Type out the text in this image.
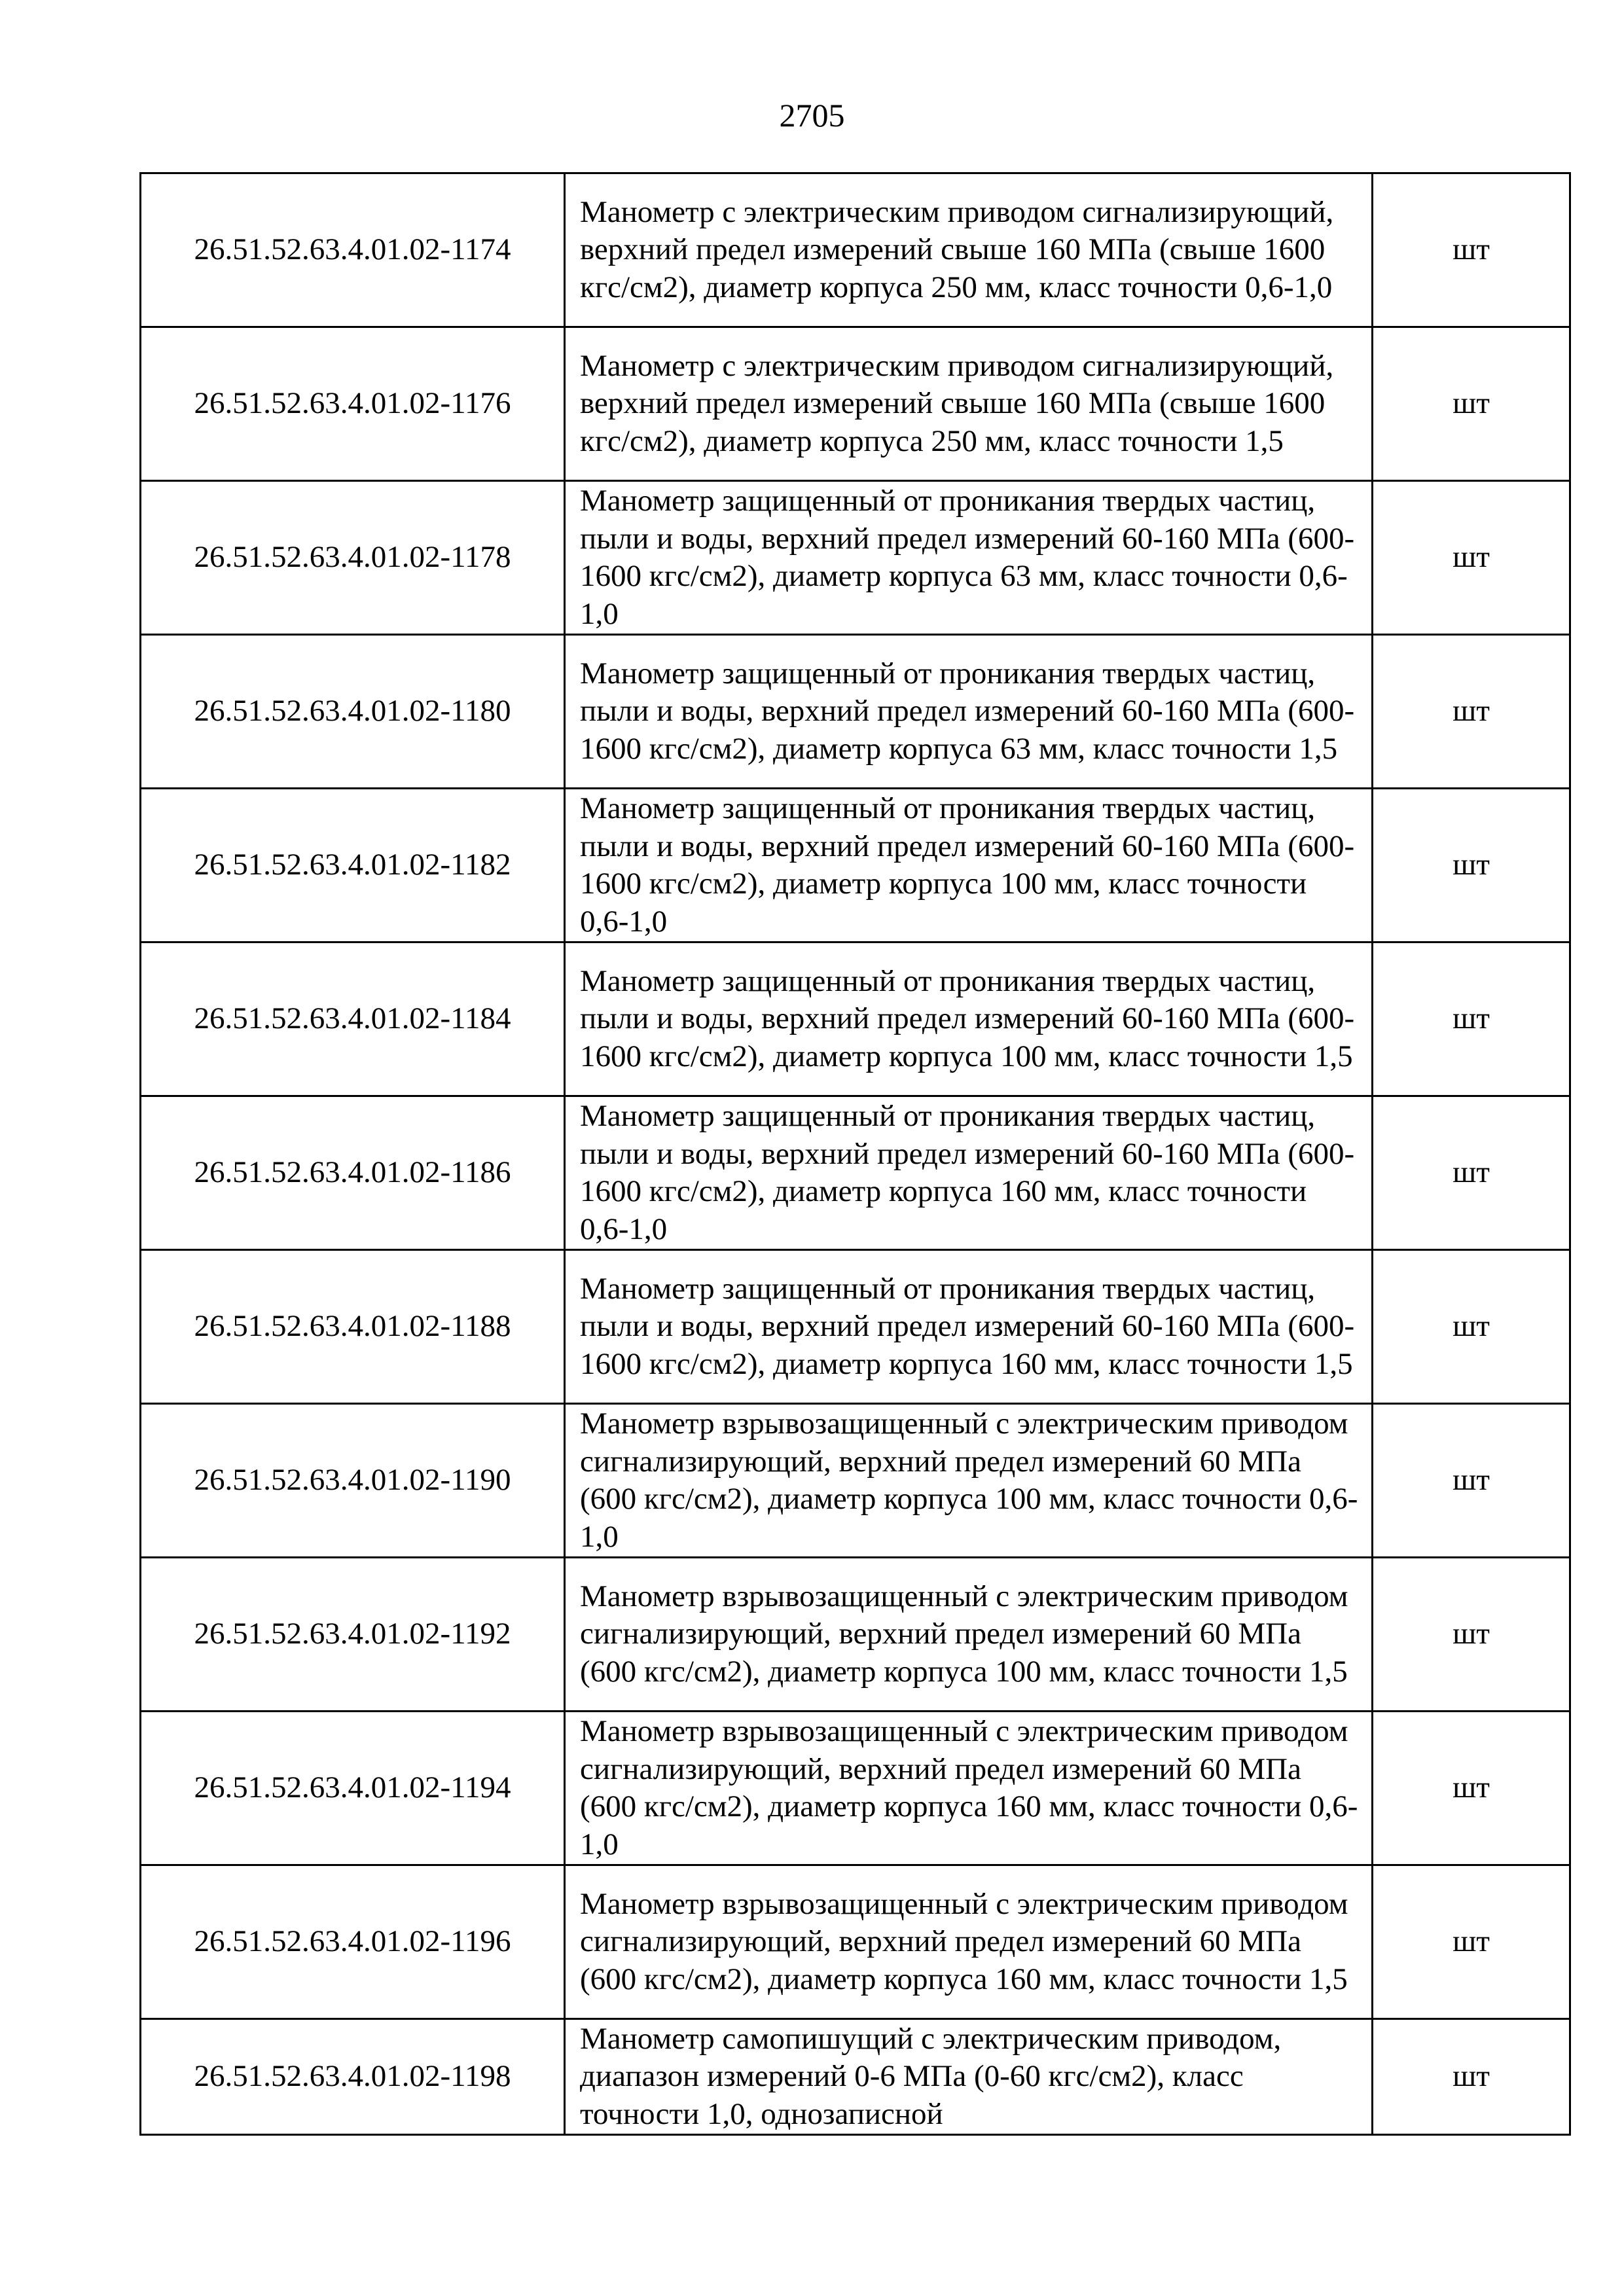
2705
26.51.52.63.4.01.02-1174	Манометр с электрическим приводом сигнализирующий, верхний предел измерений свыше 160 МПа (свыше 1600 кгс/см2), диаметр корпуса 250 мм, класс точности 0,6-1,0	шт
26.51.52.63.4.01.02-1176	Манометр с электрическим приводом сигнализирующий, верхний предел измерений свыше 160 МПа (свыше 1600 кгс/см2), диаметр корпуса 250 мм, класс точности 1,5	шт
26.51.52.63.4.01.02-1178	Манометр защищенный от проникания твердых частиц, пыли и воды, верхний предел измерений 60-160 МПа (600-1600 кгс/см2), диаметр корпуса 63 мм, класс точности 0,6-1,0	шт
26.51.52.63.4.01.02-1180	Манометр защищенный от проникания твердых частиц, пыли и воды, верхний предел измерений 60-160 МПа (600-1600 кгс/см2), диаметр корпуса 63 мм, класс точности 1,5	шт
26.51.52.63.4.01.02-1182	Манометр защищенный от проникания твердых частиц, пыли и воды, верхний предел измерений 60-160 МПа (600-1600 кгс/см2), диаметр корпуса 100 мм, класс точности 0,6-1,0	шт
26.51.52.63.4.01.02-1184	Манометр защищенный от проникания твердых частиц, пыли и воды, верхний предел измерений 60-160 МПа (600-1600 кгс/см2), диаметр корпуса 100 мм, класс точности 1,5	шт
26.51.52.63.4.01.02-1186	Манометр защищенный от проникания твердых частиц, пыли и воды, верхний предел измерений 60-160 МПа (600-1600 кгс/см2), диаметр корпуса 160 мм, класс точности 0,6-1,0	шт
26.51.52.63.4.01.02-1188	Манометр защищенный от проникания твердых частиц, пыли и воды, верхний предел измерений 60-160 МПа (600-1600 кгс/см2), диаметр корпуса 160 мм, класс точности 1,5	шт
26.51.52.63.4.01.02-1190	Манометр взрывозащищенный с электрическим приводом сигнализирующий, верхний предел измерений 60 МПа (600 кгс/см2), диаметр корпуса 100 мм, класс точности 0,6-1,0	шт
26.51.52.63.4.01.02-1192	Манометр взрывозащищенный с электрическим приводом сигнализирующий, верхний предел измерений 60 МПа (600 кгс/см2), диаметр корпуса 100 мм, класс точности 1,5	шт
26.51.52.63.4.01.02-1194	Манометр взрывозащищенный с электрическим приводом сигнализирующий, верхний предел измерений 60 МПа (600 кгс/см2), диаметр корпуса 160 мм, класс точности 0,6-1,0	шт
26.51.52.63.4.01.02-1196	Манометр взрывозащищенный с электрическим приводом сигнализирующий, верхний предел измерений 60 МПа (600 кгс/см2), диаметр корпуса 160 мм, класс точности 1,5	шт
26.51.52.63.4.01.02-1198	Манометр самопишущий с электрическим приводом, диапазон измерений 0-6 МПа (0-60 кгс/см2), класс точности 1,0, однозаписной	шт
